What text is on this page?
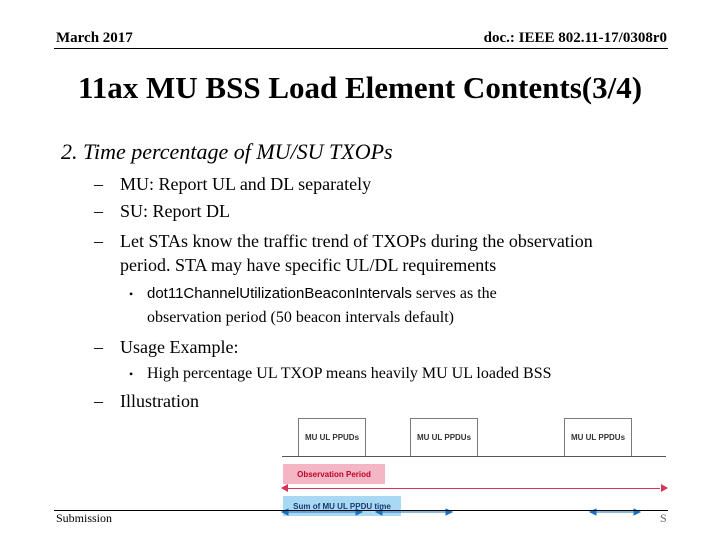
March 2017	doc.: IEEE 802.11-17/0308r0
11ax MU BSS Load Element Contents(3/4)
2. Time percentage of MU/SU TXOPs
– MU: Report UL and DL separately
– SU: Report DL
– Let STAs know the traffic trend of TXOPs during the observation
period. STA may have specific UL/DL requirements
• dot11ChannelUtilizationBeaconIntervals serves as the
observation period (50 beacon intervals default)
– Usage Example:
• High percentage UL TXOP means heavily MU UL loaded BSS
– Illustration
MU UL PPUDs	MU UL PPDUs	MU UL PPDUs
Observation Period
Sum of MU UL PPDU time
Submission	S
